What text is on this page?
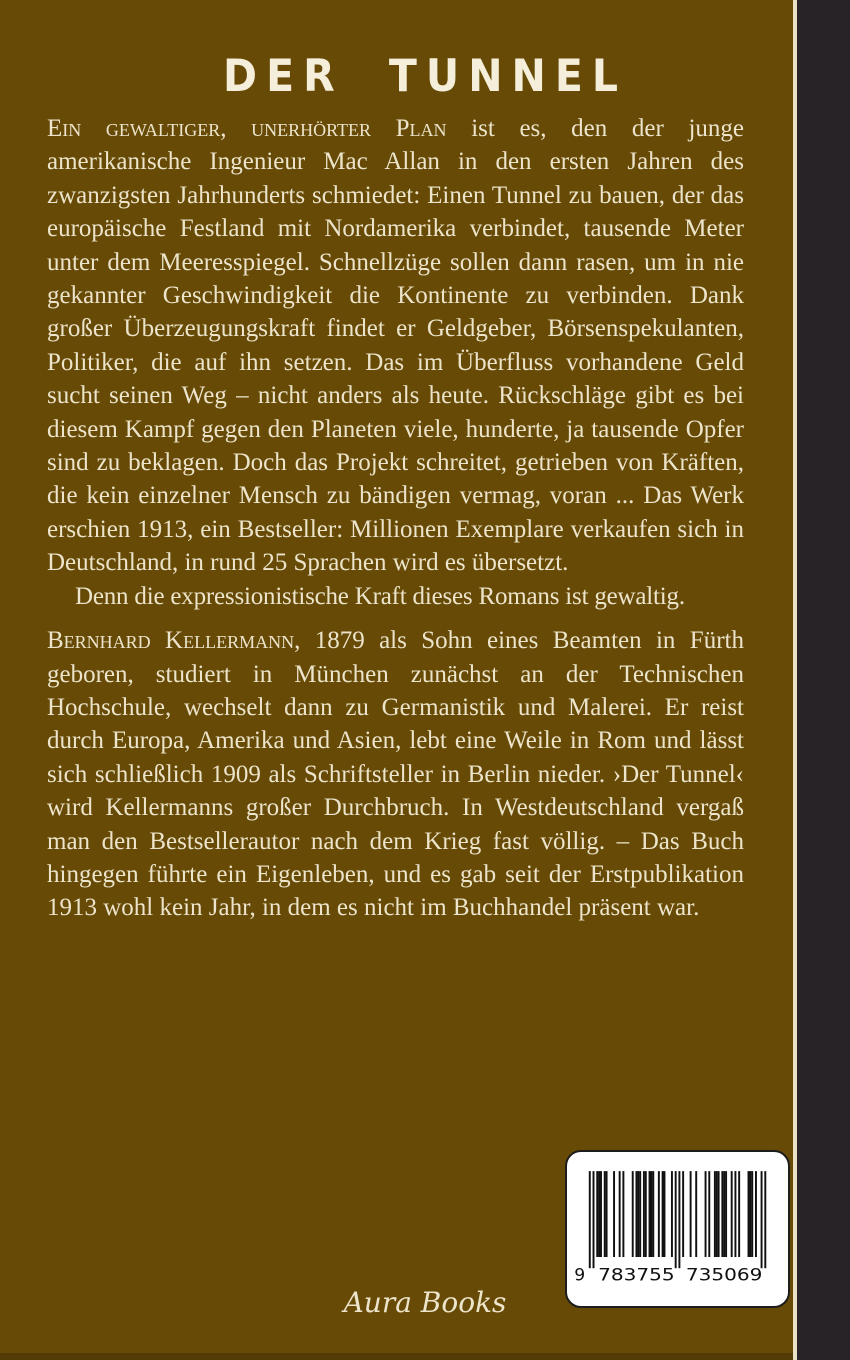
DER TUNNEL

Ein gewaltiger, unerhörter Plan ist es, den der junge amerikanische Ingenieur Mac Allan in den ersten Jahren des zwanzigsten Jahrhunderts schmiedet: Einen Tunnel zu bauen, der das europäische Festland mit Nordamerika verbindet, tausende Meter unter dem Meeresspiegel. Schnellzüge sollen dann rasen, um in nie gekannter Geschwindigkeit die Kontinente zu verbinden. Dank großer Überzeugungskraft findet er Geldgeber, Börsenspekulanten, Politiker, die auf ihn setzen. Das im Überfluss vorhandene Geld sucht seinen Weg – nicht anders als heute. Rückschläge gibt es bei diesem Kampf gegen den Planeten viele, hunderte, ja tausende Opfer sind zu beklagen. Doch das Projekt schreitet, getrieben von Kräften, die kein einzelner Mensch zu bändigen vermag, voran ... Das Werk erschien 1913, ein Bestseller: Millionen Exemplare verkaufen sich in Deutschland, in rund 25 Sprachen wird es übersetzt.

Denn die expressionistische Kraft dieses Romans ist gewaltig.

Bernhard Kellermann, 1879 als Sohn eines Beamten in Fürth geboren, studiert in München zunächst an der Technischen Hochschule, wechselt dann zu Germanistik und Malerei. Er reist durch Europa, Amerika und Asien, lebt eine Weile in Rom und lässt sich schließlich 1909 als Schriftsteller in Berlin nieder. ›Der Tunnel‹ wird Kellermanns großer Durchbruch. In Westdeutschland vergaß man den Bestsellerautor nach dem Krieg fast völlig. – Das Buch hingegen führte ein Eigenleben, und es gab seit der Erstpublikation 1913 wohl kein Jahr, in dem es nicht im Buchhandel präsent war.

9 783755 735069
Aura Books
